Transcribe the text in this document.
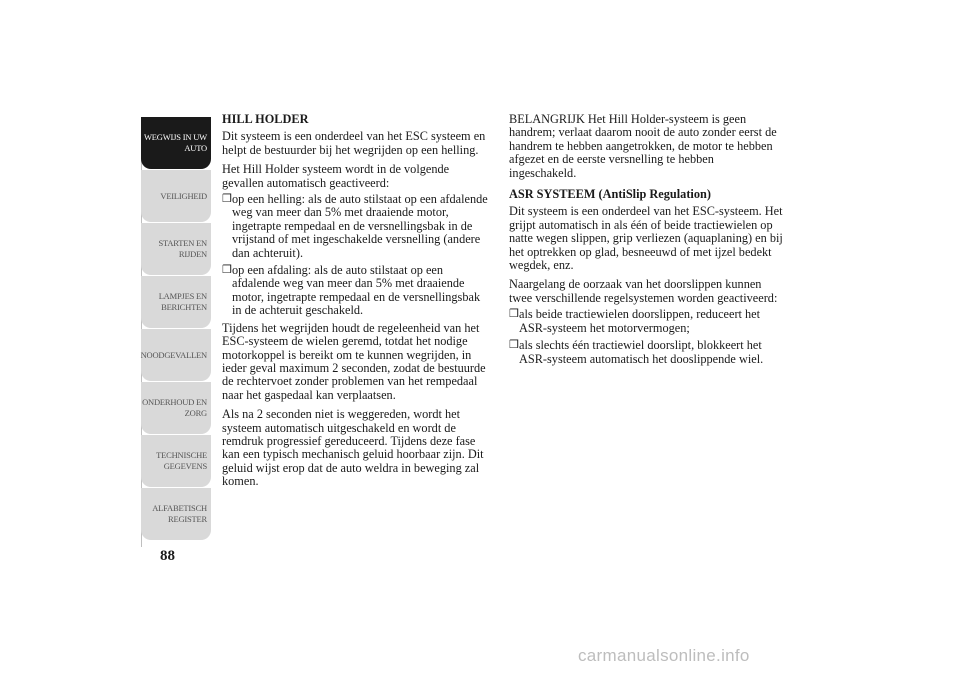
WEGWIJS IN UW
AUTO
VEILIGHEID
STARTEN EN
RIJDEN
LAMPJES EN
BERICHTEN
NOODGEVALLEN
ONDERHOUD EN
ZORG
TECHNISCHE
GEGEVENS
ALFABETISCH
REGISTER
88
HILL HOLDER

Dit systeem is een onderdeel van het ESC systeem en helpt de bestuurder bij het wegrijden op een helling.

Het Hill Holder systeem wordt in de volgende gevallen automatisch geactiveerd:

❒ op een helling: als de auto stilstaat op een afdalende weg van meer dan 5% met draaiende motor, ingetrapte rempedaal en de versnellingsbak in de vrijstand of met ingeschakelde versnelling (andere dan achteruit).
❒ op een afdaling: als de auto stilstaat op een afdalende weg van meer dan 5% met draaiende motor, ingetrapte rempedaal en de versnellingsbak in de achteruit geschakeld.

Tijdens het wegrijden houdt de regeleenheid van het ESC-systeem de wielen geremd, totdat het nodige motorkoppel is bereikt om te kunnen wegrijden, in ieder geval maximum 2 seconden, zodat de bestuurde de rechtervoet zonder problemen van het rempedaal naar het gaspedaal kan verplaatsen.

Als na 2 seconden niet is weggereden, wordt het systeem automatisch uitgeschakeld en wordt de remdruk progressief gereduceerd. Tijdens deze fase kan een typisch mechanisch geluid hoorbaar zijn. Dit geluid wijst erop dat de auto weldra in beweging zal komen.

BELANGRIJK Het Hill Holder-systeem is geen handrem; verlaat daarom nooit de auto zonder eerst de handrem te hebben aangetrokken, de motor te hebben afgezet en de eerste versnelling te hebben ingeschakeld.

ASR SYSTEEM (AntiSlip Regulation)

Dit systeem is een onderdeel van het ESC-systeem. Het grijpt automatisch in als één of beide tractiewielen op natte wegen slippen, grip verliezen (aquaplaning) en bij het optrekken op glad, besneeuwd of met ijzel bedekt wegdek, enz.

Naargelang de oorzaak van het doorslippen kunnen twee verschillende regelsystemen worden geactiveerd:

❒ als beide tractiewielen doorslippen, reduceert het ASR-systeem het motorvermogen;
❒ als slechts één tractiewiel doorslipt, blokkeert het ASR-systeem automatisch het dooslippende wiel.
carmanualsonline.info
